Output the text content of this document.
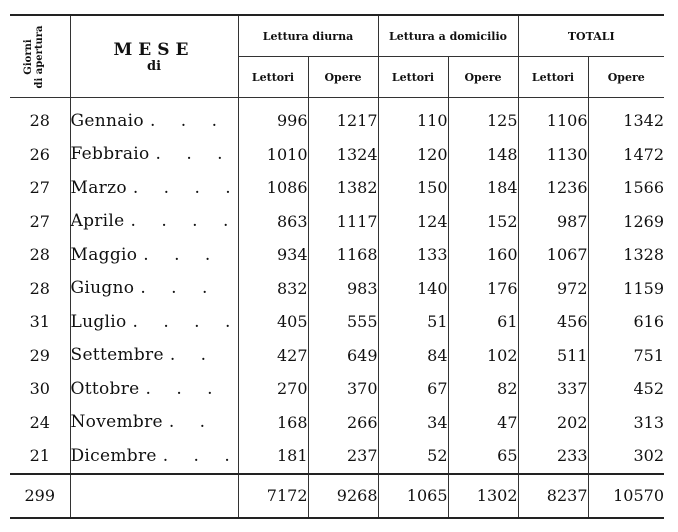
Giorni di apertura	MESE
di	Lettura diurna		Lettura a domicilio		TOTALI	
		Lettori	Opere	Lettori	Opere	Lettori	Opere
28	Gennaio . . .	996	1217	110	125	1106	1342
26	Febbraio . . .	1010	1324	120	148	1130	1472
27	Marzo . . . .	1086	1382	150	184	1236	1566
27	Aprile . . . .	863	1117	124	152	987	1269
28	Maggio . . .	934	1168	133	160	1067	1328
28	Giugno . . .	832	983	140	176	972	1159
31	Luglio . . . .	405	555	51	61	456	616
29	Settembre . .	427	649	84	102	511	751
30	Ottobre . . .	270	370	67	82	337	452
24	Novembre . .	168	266	34	47	202	313
21	Dicembre . . .	181	237	52	65	233	302
299		7172	9268	1065	1302	8237	10570
